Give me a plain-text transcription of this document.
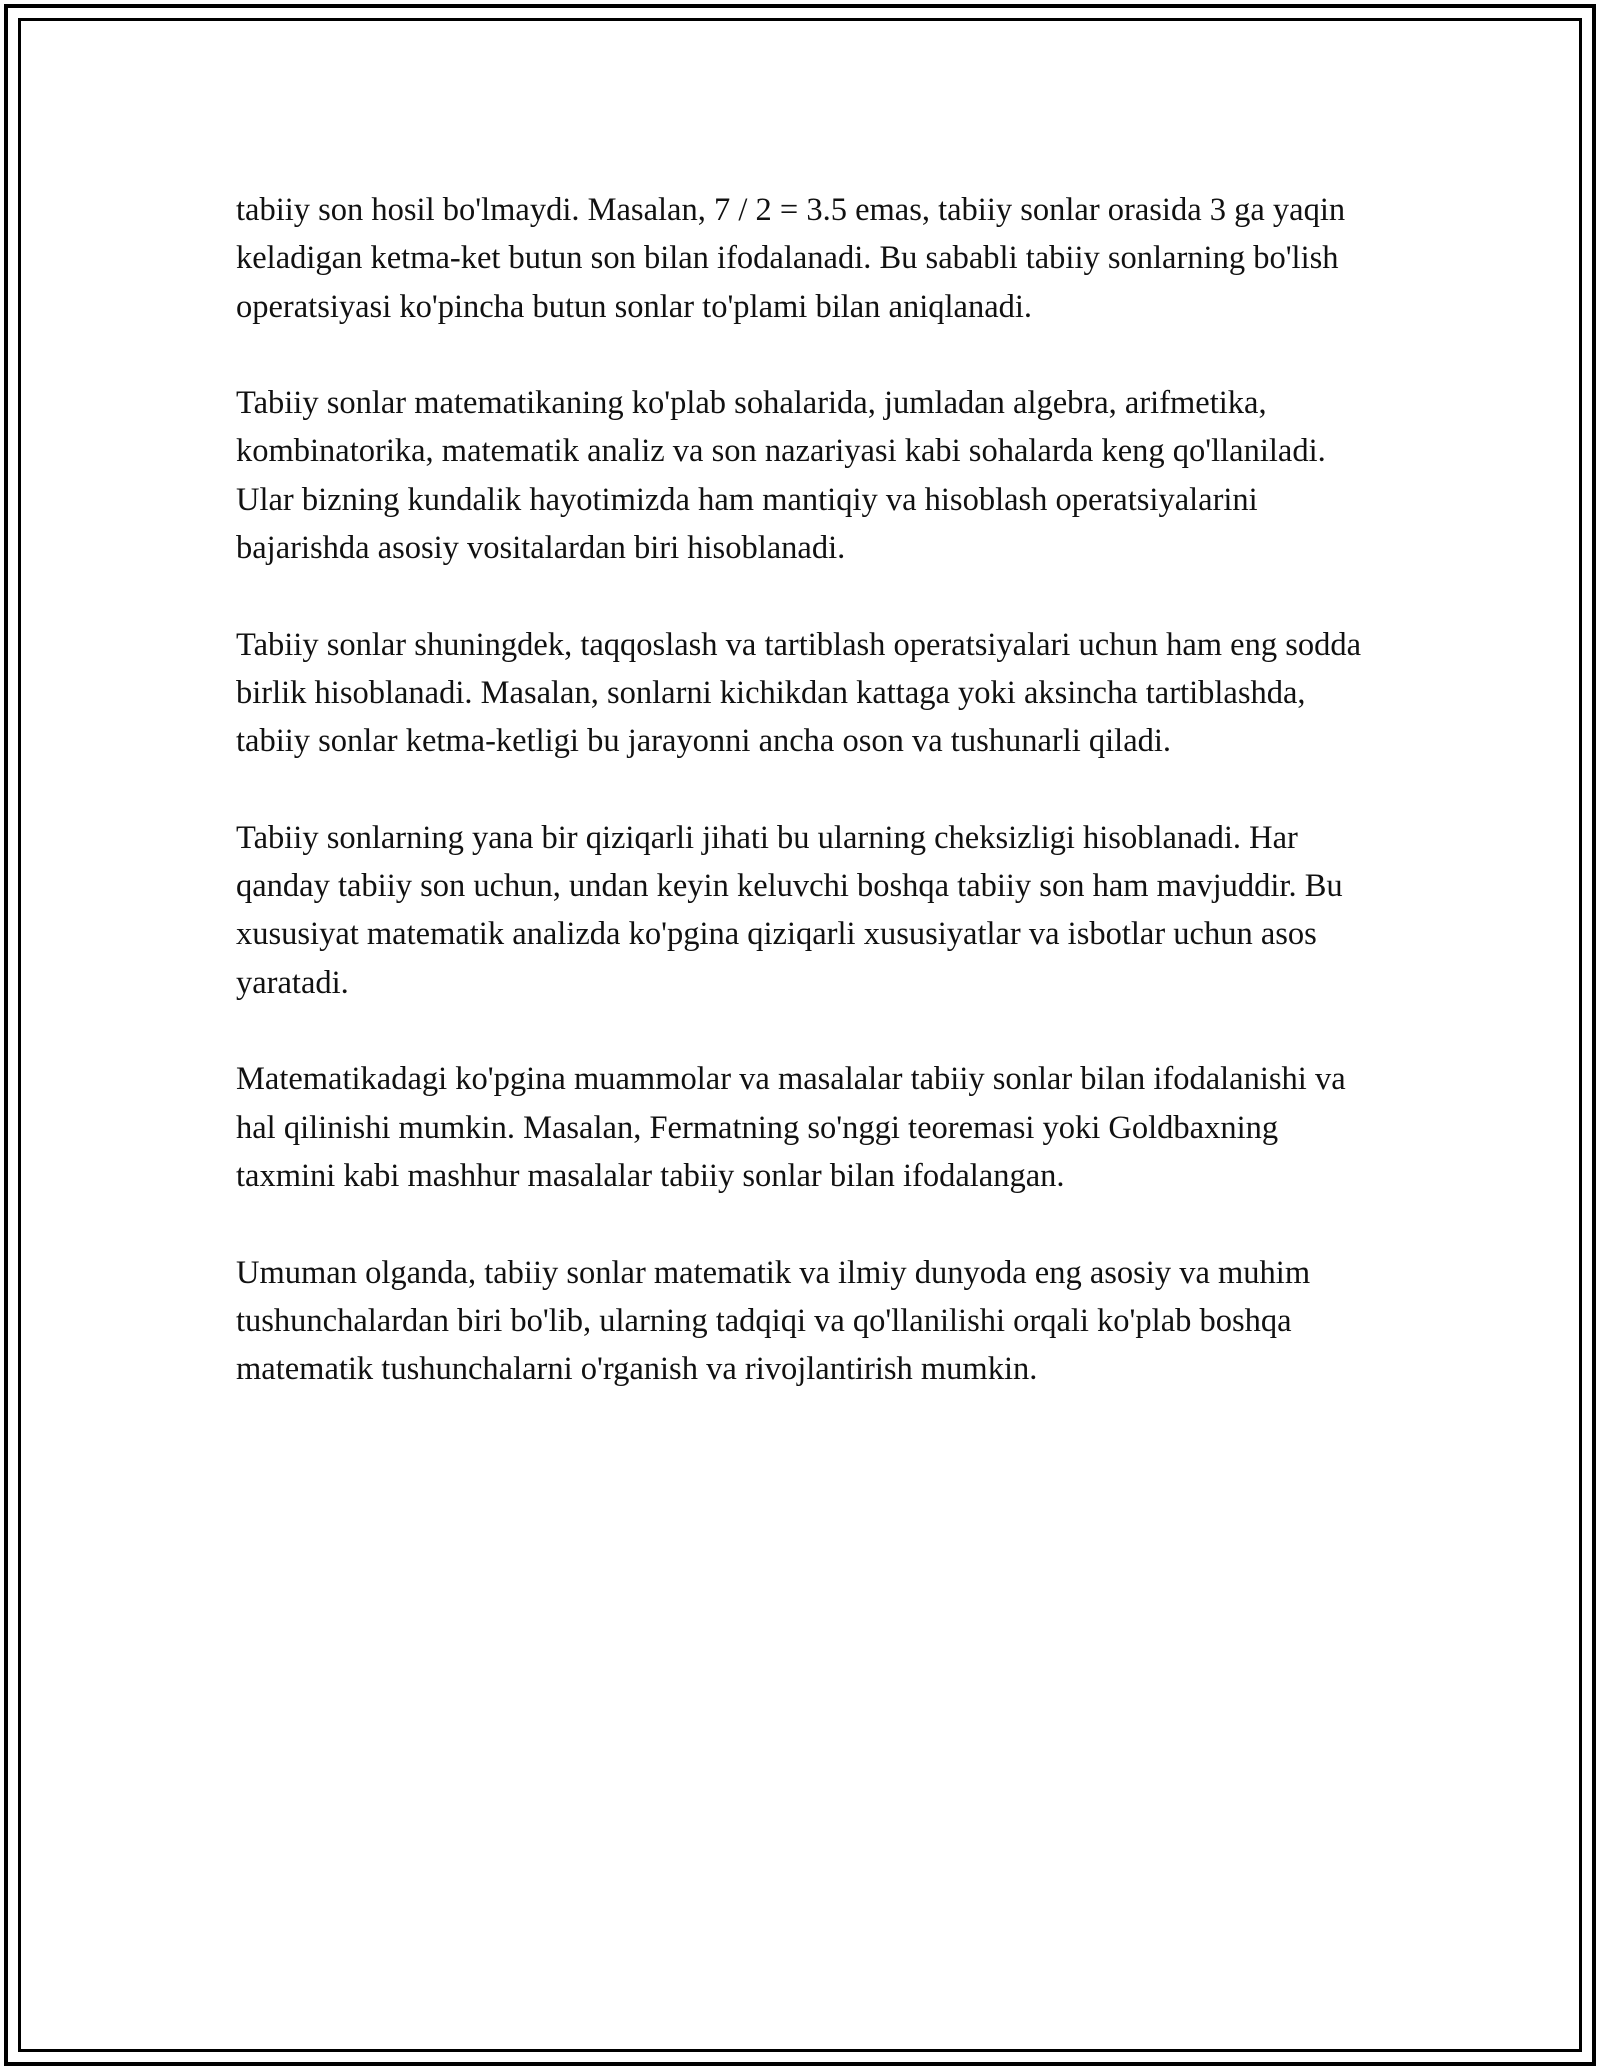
tabiiy son hosil bo'lmaydi. Masalan, 7 / 2 = 3.5 emas, tabiiy sonlar orasida 3 ga yaqin keladigan ketma-ket butun son bilan ifodalanadi. Bu sababli tabiiy sonlarning bo'lish operatsiyasi ko'pincha butun sonlar to'plami bilan aniqlanadi.

Tabiiy sonlar matematikaning ko'plab sohalarida, jumladan algebra, arifmetika, kombinatorika, matematik analiz va son nazariyasi kabi sohalarda keng qo'llaniladi. Ular bizning kundalik hayotimizda ham mantiqiy va hisoblash operatsiyalarini bajarishda asosiy vositalardan biri hisoblanadi.

Tabiiy sonlar shuningdek, taqqoslash va tartiblash operatsiyalari uchun ham eng sodda birlik hisoblanadi. Masalan, sonlarni kichikdan kattaga yoki aksincha tartiblashda, tabiiy sonlar ketma-ketligi bu jarayonni ancha oson va tushunarli qiladi.

Tabiiy sonlarning yana bir qiziqarli jihati bu ularning cheksizligi hisoblanadi. Har qanday tabiiy son uchun, undan keyin keluvchi boshqa tabiiy son ham mavjuddir. Bu xususiyat matematik analizda ko'pgina qiziqarli xususiyatlar va isbotlar uchun asos yaratadi.

Matematikadagi ko'pgina muammolar va masalalar tabiiy sonlar bilan ifodalanishi va hal qilinishi mumkin. Masalan, Fermatning so'nggi teoremasi yoki Goldbaxning taxmini kabi mashhur masalalar tabiiy sonlar bilan ifodalangan.

Umuman olganda, tabiiy sonlar matematik va ilmiy dunyoda eng asosiy va muhim tushunchalardan biri bo'lib, ularning tadqiqi va qo'llanilishi orqali ko'plab boshqa matematik tushunchalarni o'rganish va rivojlantirish mumkin.
